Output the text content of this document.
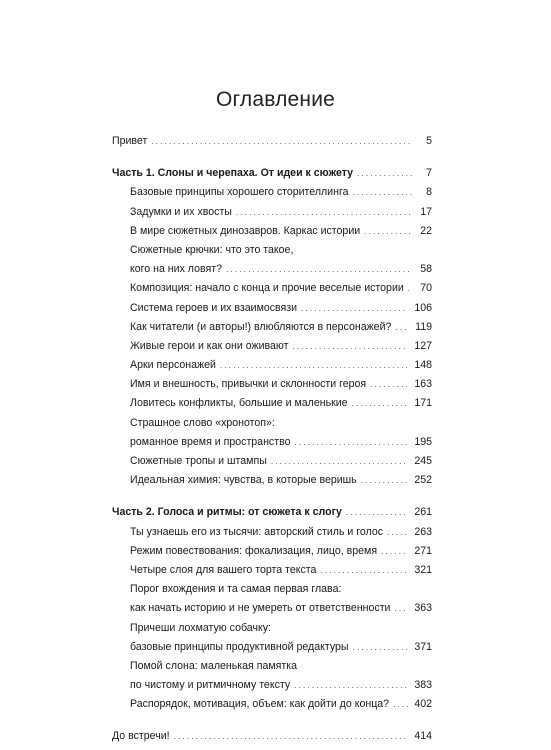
Оглавление
Привет .....	5
Часть 1. Слоны и черепаха. От идеи к сюжету .....	7
Базовые принципы хорошего сторителлинга .....	8
Задумки и их хвосты .....	17
В мире сюжетных динозавров. Каркас истории .....	22
Сюжетные крючки: что это такое,
кого на них ловят? .....	58
Композиция: начало с конца и прочие веселые истории .....	70
Система героев и их взаимосвязи .....	106
Как читатели (и авторы!) влюбляются в персонажей? .....	119
Живые герои и как они оживают .....	127
Арки персонажей .....	148
Имя и внешность, привычки и склонности героя .....	163
Ловитесь конфликты, большие и маленькие .....	171
Страшное слово «хронотоп»:
романное время и пространство .....	195
Сюжетные тропы и штампы .....	245
Идеальная химия: чувства, в которые веришь .....	252
Часть 2. Голоса и ритмы: от сюжета к слогу .....	261
Ты узнаешь его из тысячи: авторский стиль и голос .....	263
Режим повествования: фокализация, лицо, время .....	271
Четыре слоя для вашего торта текста .....	321
Порог вхождения и та самая первая глава:
как начать историю и не умереть от ответственности .....	363
Причеши лохматую собачку:
базовые принципы продуктивной редактуры .....	371
Помой слона: маленькая памятка
по чистому и ритмичному тексту .....	383
Распорядок, мотивация, объем: как дойти до конца? .....	402
До встречи! .....	414
